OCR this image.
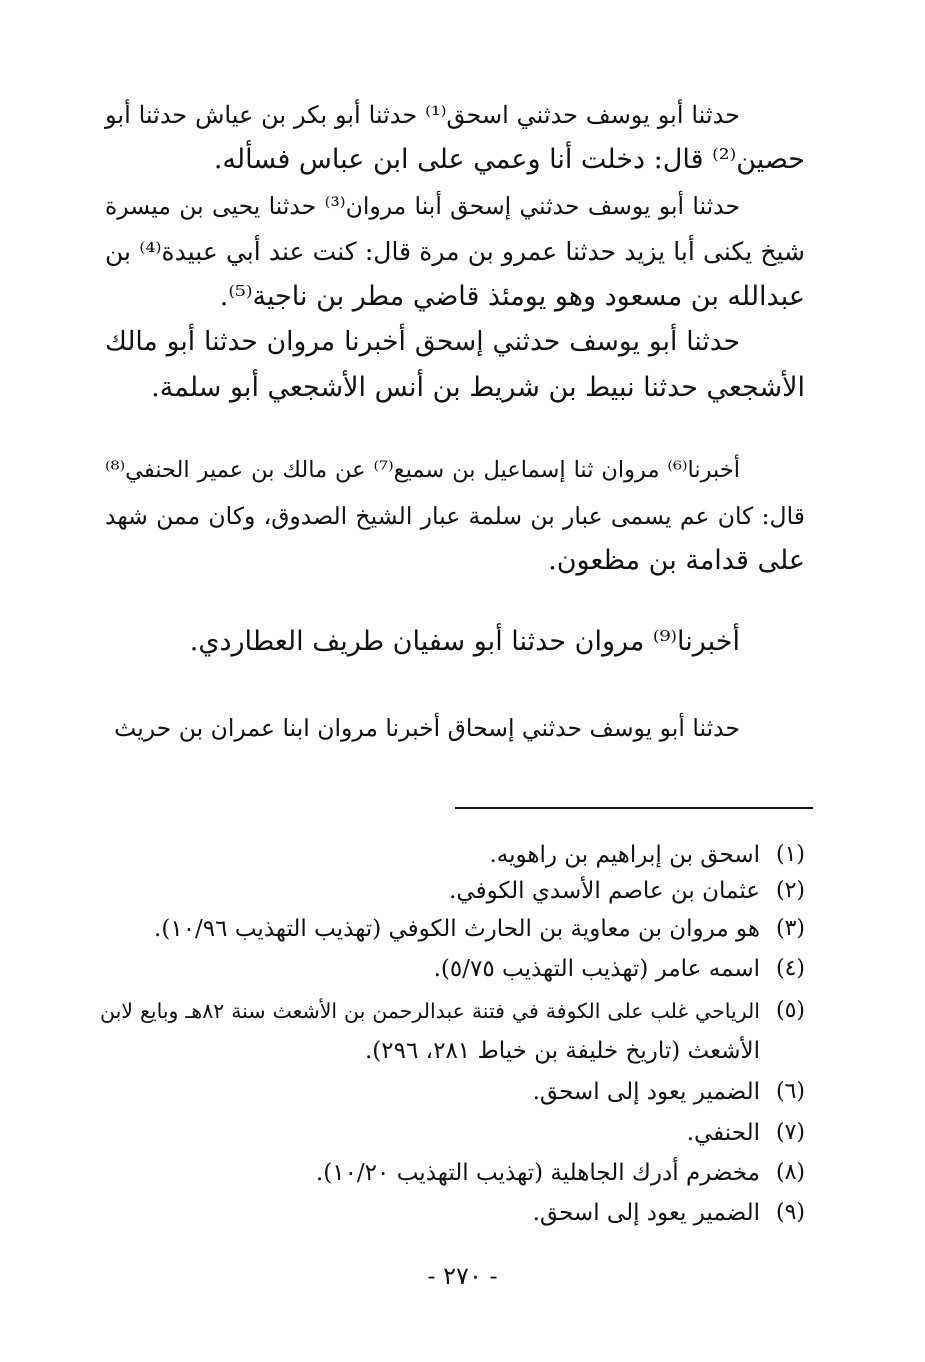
حدثنا أبو يوسف حدثني اسحق⁽¹⁾ حدثنا أبو بكر بن عياش حدثنا أبو
حصين⁽²⁾ قال: دخلت أنا وعمي على ابن عباس فسأله.
حدثنا أبو يوسف حدثني إسحق أبنا مروان⁽³⁾ حدثنا يحيى بن ميسرة
شيخ يكنى أبا يزيد حدثنا عمرو بن مرة قال: كنت عند أبي عبيدة⁽⁴⁾ بن
عبدالله بن مسعود وهو يومئذ قاضي مطر بن ناجية⁽⁵⁾.
حدثنا أبو يوسف حدثني إسحق أخبرنا مروان حدثنا أبو مالك
الأشجعي حدثنا نبيط بن شريط بن أنس الأشجعي أبو سلمة.
أخبرنا⁽⁶⁾ مروان ثنا إسماعيل بن سميع⁽⁷⁾ عن مالك بن عمير الحنفي⁽⁸⁾
قال: كان عم يسمى عبار بن سلمة عبار الشيخ الصدوق، وكان ممن شهد
على قدامة بن مظعون.
أخبرنا⁽⁹⁾ مروان حدثنا أبو سفيان طريف العطاردي.
حدثنا أبو يوسف حدثني إسحاق أخبرنا مروان ابنا عمران بن حريث
(١)
اسحق بن إبراهيم بن راهويه.
(٢)
عثمان بن عاصم الأسدي الكوفي.
(٣)
هو مروان بن معاوية بن الحارث الكوفي (تهذيب التهذيب ١٠/٩٦).
(٤)
اسمه عامر (تهذيب التهذيب ٥/٧٥).
(٥)
الرياحي غلب على الكوفة في فتنة عبدالرحمن بن الأشعث سنة ٨٢هـ وبايع لابن
الأشعث (تاريخ خليفة بن خياط ٢٨١، ٢٩٦).
(٦)
الضمير يعود إلى اسحق.
(٧)
الحنفي.
(٨)
مخضرم أدرك الجاهلية (تهذيب التهذيب ١٠/٢٠).
(٩)
الضمير يعود إلى اسحق.
- ٢٧٠ -
